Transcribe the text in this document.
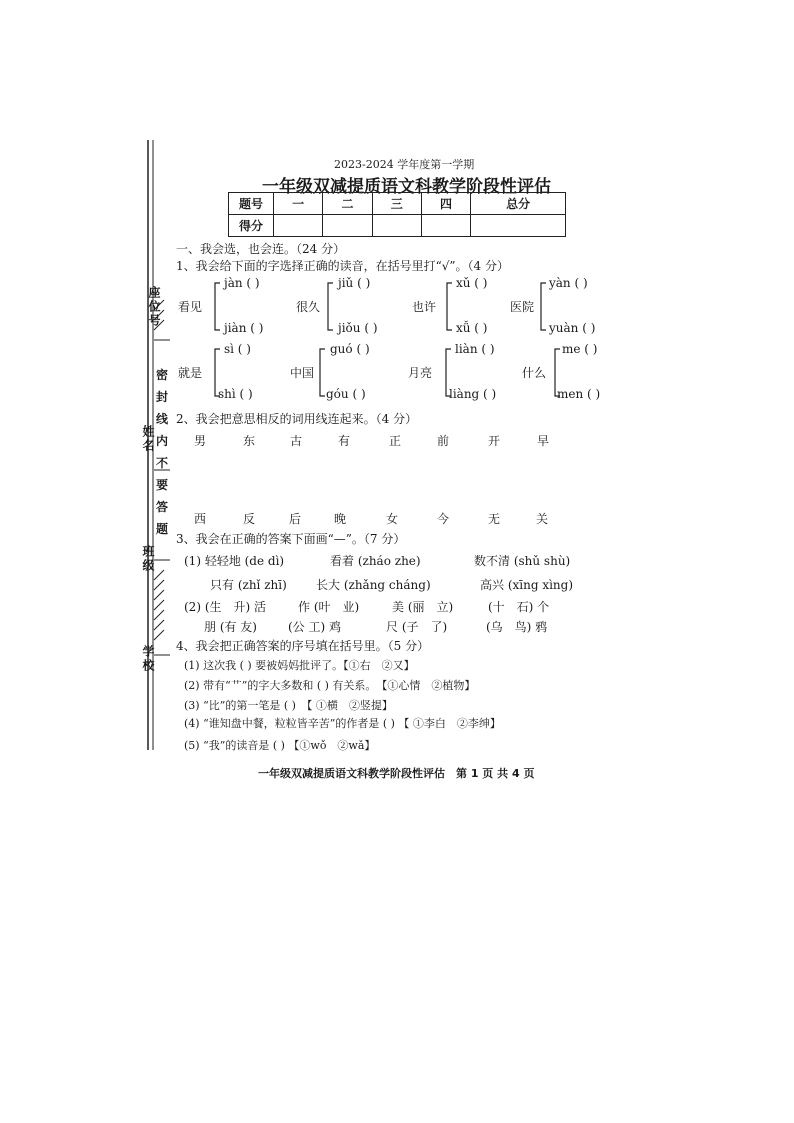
座位号
姓名
班级
学校
密
封
线
内
不
要
答
题
2023-2024 学年度第一学期
一年级双减提质语文科教学阶段性评估
题号	一	二	三	四	总分
得分					
一、我会选，也会连。（24 分）
1、我会给下面的字选择正确的读音，在括号里打“√”。（4 分）
看见
jàn ( )
jiàn ( )
很久
jiǔ ( )
jiǒu ( )
也许
xǔ ( )
xǚ ( )
医院
yàn ( )
yuàn ( )
就是
sì ( )
shì ( )
中国
guó ( )
góu ( )
月亮
liàn ( )
liàng ( )
什么
me ( )
men ( )
2、我会把意思相反的词用线连起来。（4 分）
男	东	古	有	正	前	开	早
西	反	后	晚	女	今	无	关
3、我会在正确的答案下面画“—”。（7 分）
(1) 轻轻地 (de dì)	看着 (zháo zhe)	数不清 (shǔ shù)
只有 (zhǐ zhī) 长大 (zhǎng cháng)	高兴 (xīng xìng)
(2) (生　升) 活	作 (叶　业)	美 (丽　立)	(十　石) 个
朋 (有 友)	(公 工) 鸡	尺 (子　了)	(乌　鸟) 鸦
4、我会把正确答案的序号填在括号里。（5 分）
(1) 这次我 ( ) 要被妈妈批评了。【①右　②又】
(2) 带有“艹”的字大多数和 ( ) 有关系。　【①心情　②植物】
(3) “比”的第一笔是 ( )　【 ①横　②竖提】
(4) “谁知盘中餐，粒粒皆辛苦”的作者是 ( ) 【 ①李白　②李绅】
(5) “我”的读音是 ( ) 【①wǒ　②wǎ】
一年级双减提质语文科教学阶段性评估　第 1 页 共 4 页
